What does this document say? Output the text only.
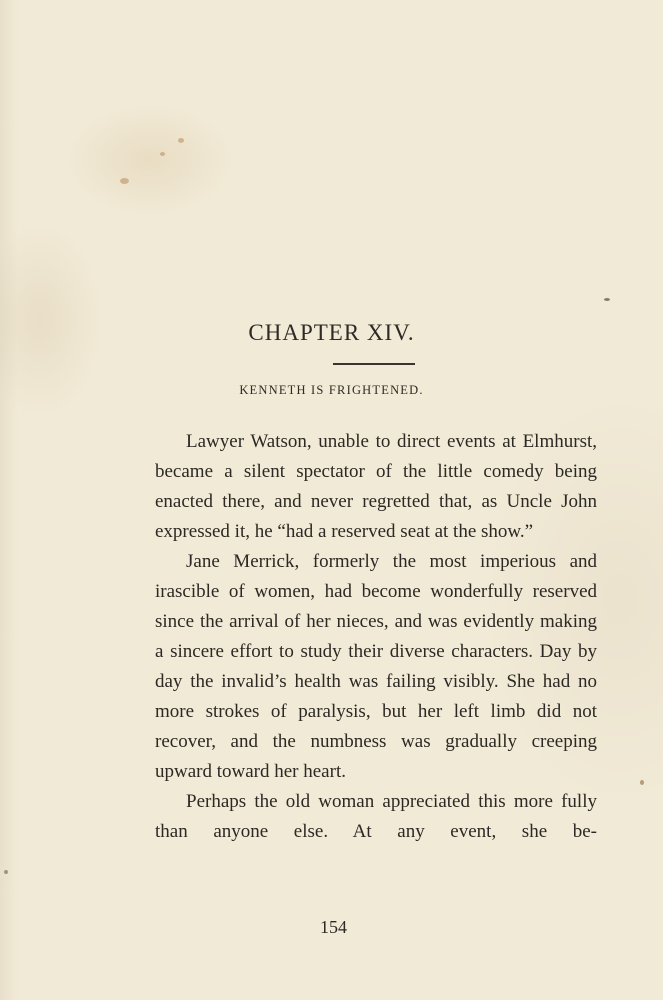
CHAPTER XIV.
KENNETH IS FRIGHTENED.

Lawyer Watson, unable to direct events at Elmhurst, became a silent spectator of the little comedy being enacted there, and never regretted that, as Uncle John expressed it, he “had a reserved seat at the show.”

Jane Merrick, formerly the most imperious and irascible of women, had become wonderfully reserved since the arrival of her nieces, and was evidently making a sincere effort to study their diverse characters. Day by day the invalid’s health was failing visibly. She had no more strokes of paralysis, but her left limb did not recover, and the numbness was gradually creeping upward toward her heart.

Perhaps the old woman appreciated this more fully than anyone else. At any event, she be-

154
